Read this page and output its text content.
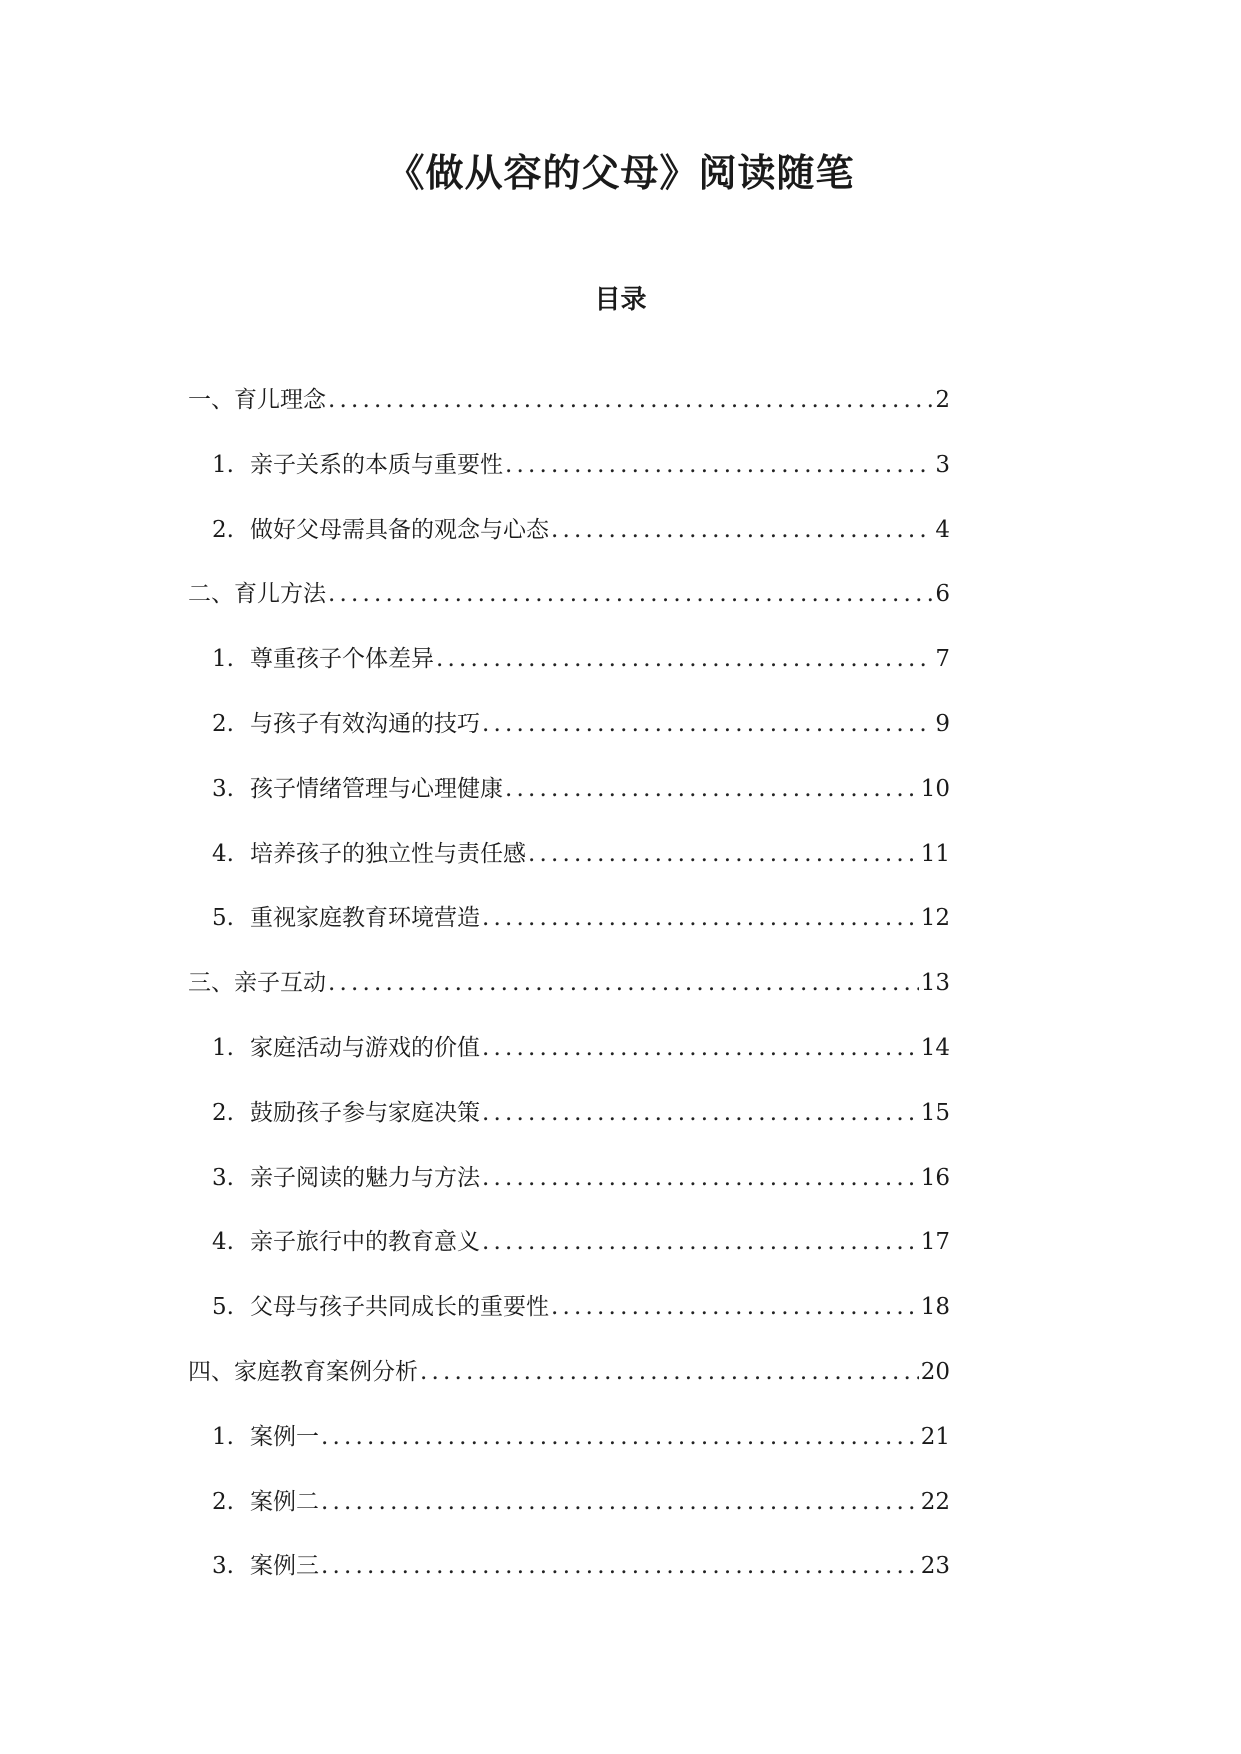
《做从容的父母》阅读随笔
目录
一、育儿理念 .....	2
1. 亲子关系的本质与重要性 .....	3
2. 做好父母需具备的观念与心态 .....	4
二、育儿方法 .....	6
1. 尊重孩子个体差异 .....	7
2. 与孩子有效沟通的技巧 .....	9
3. 孩子情绪管理与心理健康 .....	10
4. 培养孩子的独立性与责任感 .....	11
5. 重视家庭教育环境营造 .....	12
三、亲子互动 .....	13
1. 家庭活动与游戏的价值 .....	14
2. 鼓励孩子参与家庭决策 .....	15
3. 亲子阅读的魅力与方法 .....	16
4. 亲子旅行中的教育意义 .....	17
5. 父母与孩子共同成长的重要性 .....	18
四、家庭教育案例分析 .....	20
1. 案例一 .....	21
2. 案例二 .....	22
3. 案例三 .....	23
